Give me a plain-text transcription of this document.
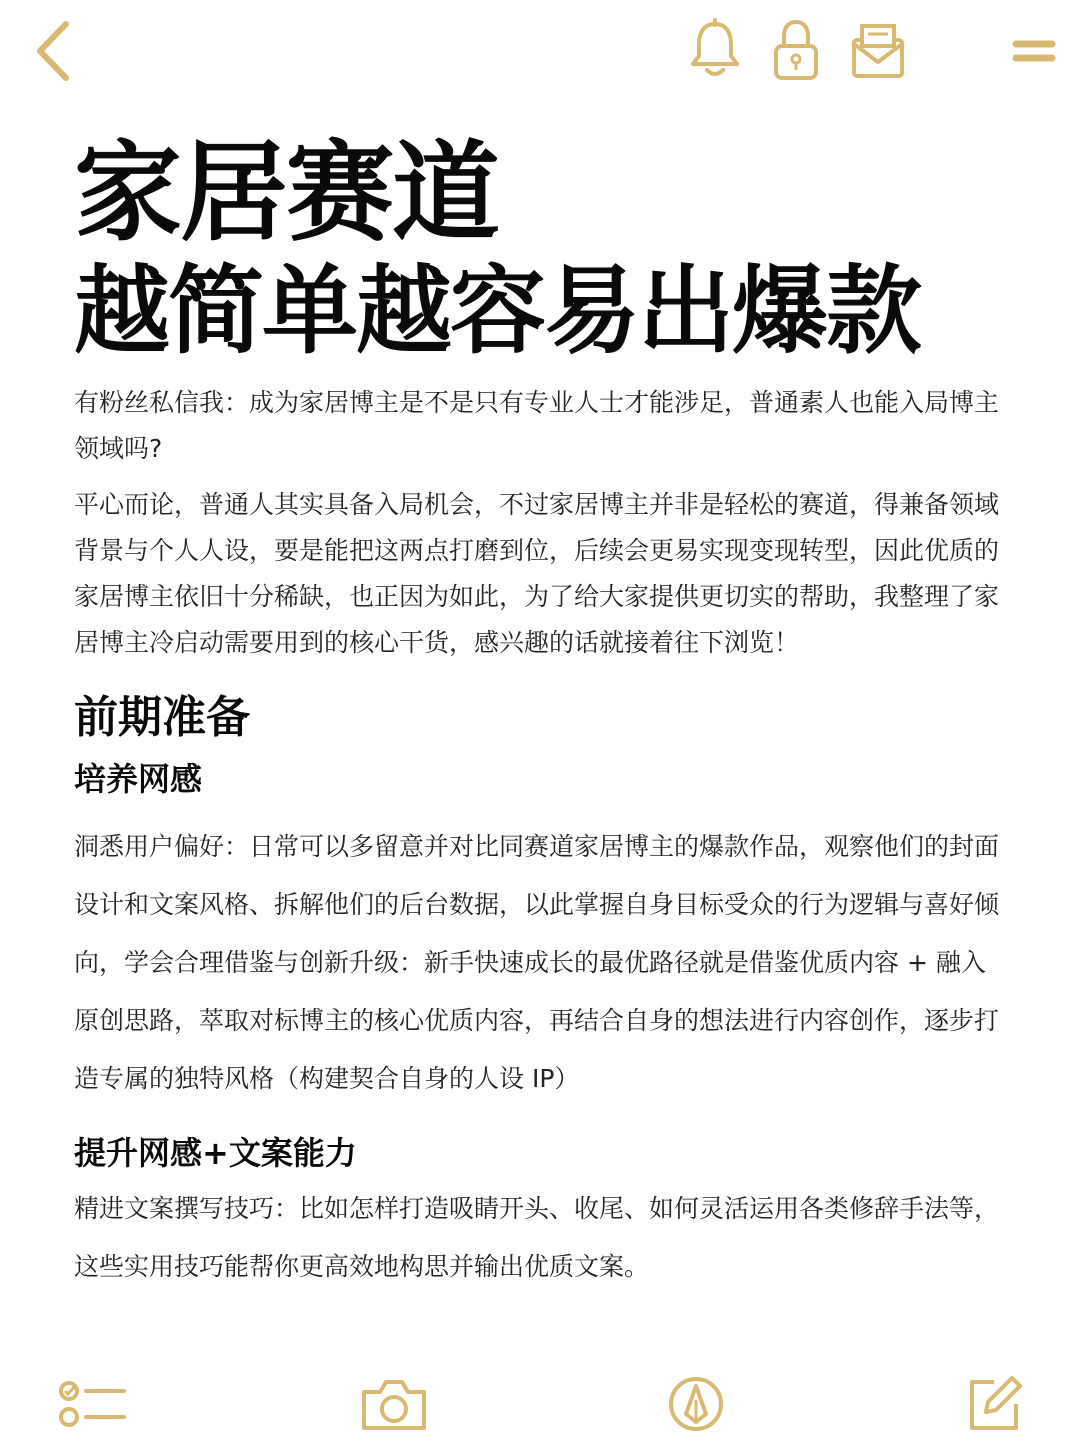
家居赛道
越简单越容易出爆款

有粉丝私信我：成为家居博主是不是只有专业人士才能涉足，普通素人也能入局博主领域吗?

平心而论，普通人其实具备入局机会，不过家居博主并非是轻松的赛道，得兼备领域背景与个人人设，要是能把这两点打磨到位，后续会更易实现变现转型，因此优质的家居博主依旧十分稀缺，也正因为如此，为了给大家提供更切实的帮助，我整理了家居博主冷启动需要用到的核心干货，感兴趣的话就接着往下浏览！

前期准备
培养网感

洞悉用户偏好：日常可以多留意并对比同赛道家居博主的爆款作品，观察他们的封面设计和文案风格、拆解他们的后台数据，以此掌握自身目标受众的行为逻辑与喜好倾向，学会合理借鉴与创新升级：新手快速成长的最优路径就是借鉴优质内容 + 融入原创思路，萃取对标博主的核心优质内容，再结合自身的想法进行内容创作，逐步打造专属的独特风格（构建契合自身的人设 IP）

提升网感+文案能力

精进文案撰写技巧：比如怎样打造吸睛开头、收尾、如何灵活运用各类修辞手法等，这些实用技巧能帮你更高效地构思并输出优质文案。
